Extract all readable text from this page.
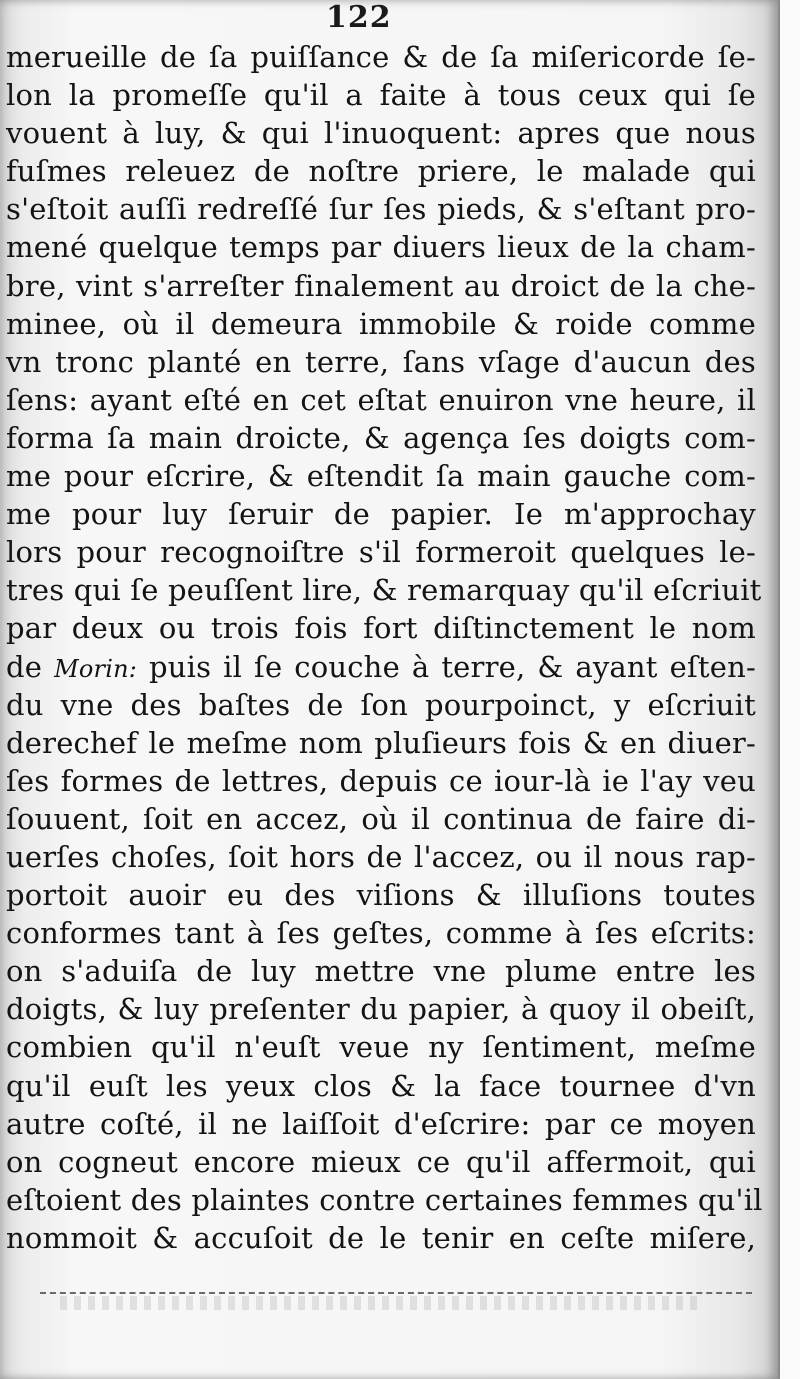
122
merueille de ſa puiſſance & de ſa miſericorde ſe-
lon la promeſſe qu'il a faite à tous ceux qui ſe
vouent à luy, & qui l'inuoquent: apres que nous
fuſmes releuez de noſtre priere, le malade qui
s'eſtoit auſſi redreſſé ſur ſes pieds, & s'eſtant pro-
mené quelque temps par diuers lieux de la cham-
bre, vint s'arreſter finalement au droict de la che-
minee, où il demeura immobile & roide comme
vn tronc planté en terre, ſans vſage d'aucun des
ſens: ayant eſté en cet eſtat enuiron vne heure, il
forma ſa main droicte, & agença ſes doigts com-
me pour eſcrire, & eſtendit ſa main gauche com-
me pour luy ſeruir de papier. Ie m'approchay
lors pour recognoiſtre s'il formeroit quelques le-
tres qui ſe peuſſent lire, & remarquay qu'il eſcriuit
par deux ou trois fois fort diſtinctement le nom
de Morin: puis il ſe couche à terre, & ayant eſten-
du vne des baſtes de ſon pourpoinct, y eſcriuit
derechef le meſme nom pluſieurs fois & en diuer-
ſes formes de lettres, depuis ce iour-là ie l'ay veu
ſouuent, ſoit en accez, où il continua de faire di-
uerſes choſes, ſoit hors de l'accez, ou il nous rap-
portoit auoir eu des viſions & illuſions toutes
conformes tant à ſes geſtes, comme à ſes eſcrits:
on s'aduiſa de luy mettre vne plume entre les
doigts, & luy preſenter du papier, à quoy il obeiſt,
combien qu'il n'euſt veue ny ſentiment, meſme
qu'il euſt les yeux clos & la face tournee d'vn
autre coſté, il ne laiſſoit d'eſcrire: par ce moyen
on cogneut encore mieux ce qu'il affermoit, qui
eſtoient des plaintes contre certaines femmes qu'il
nommoit & accuſoit de le tenir en ceſte miſere,
